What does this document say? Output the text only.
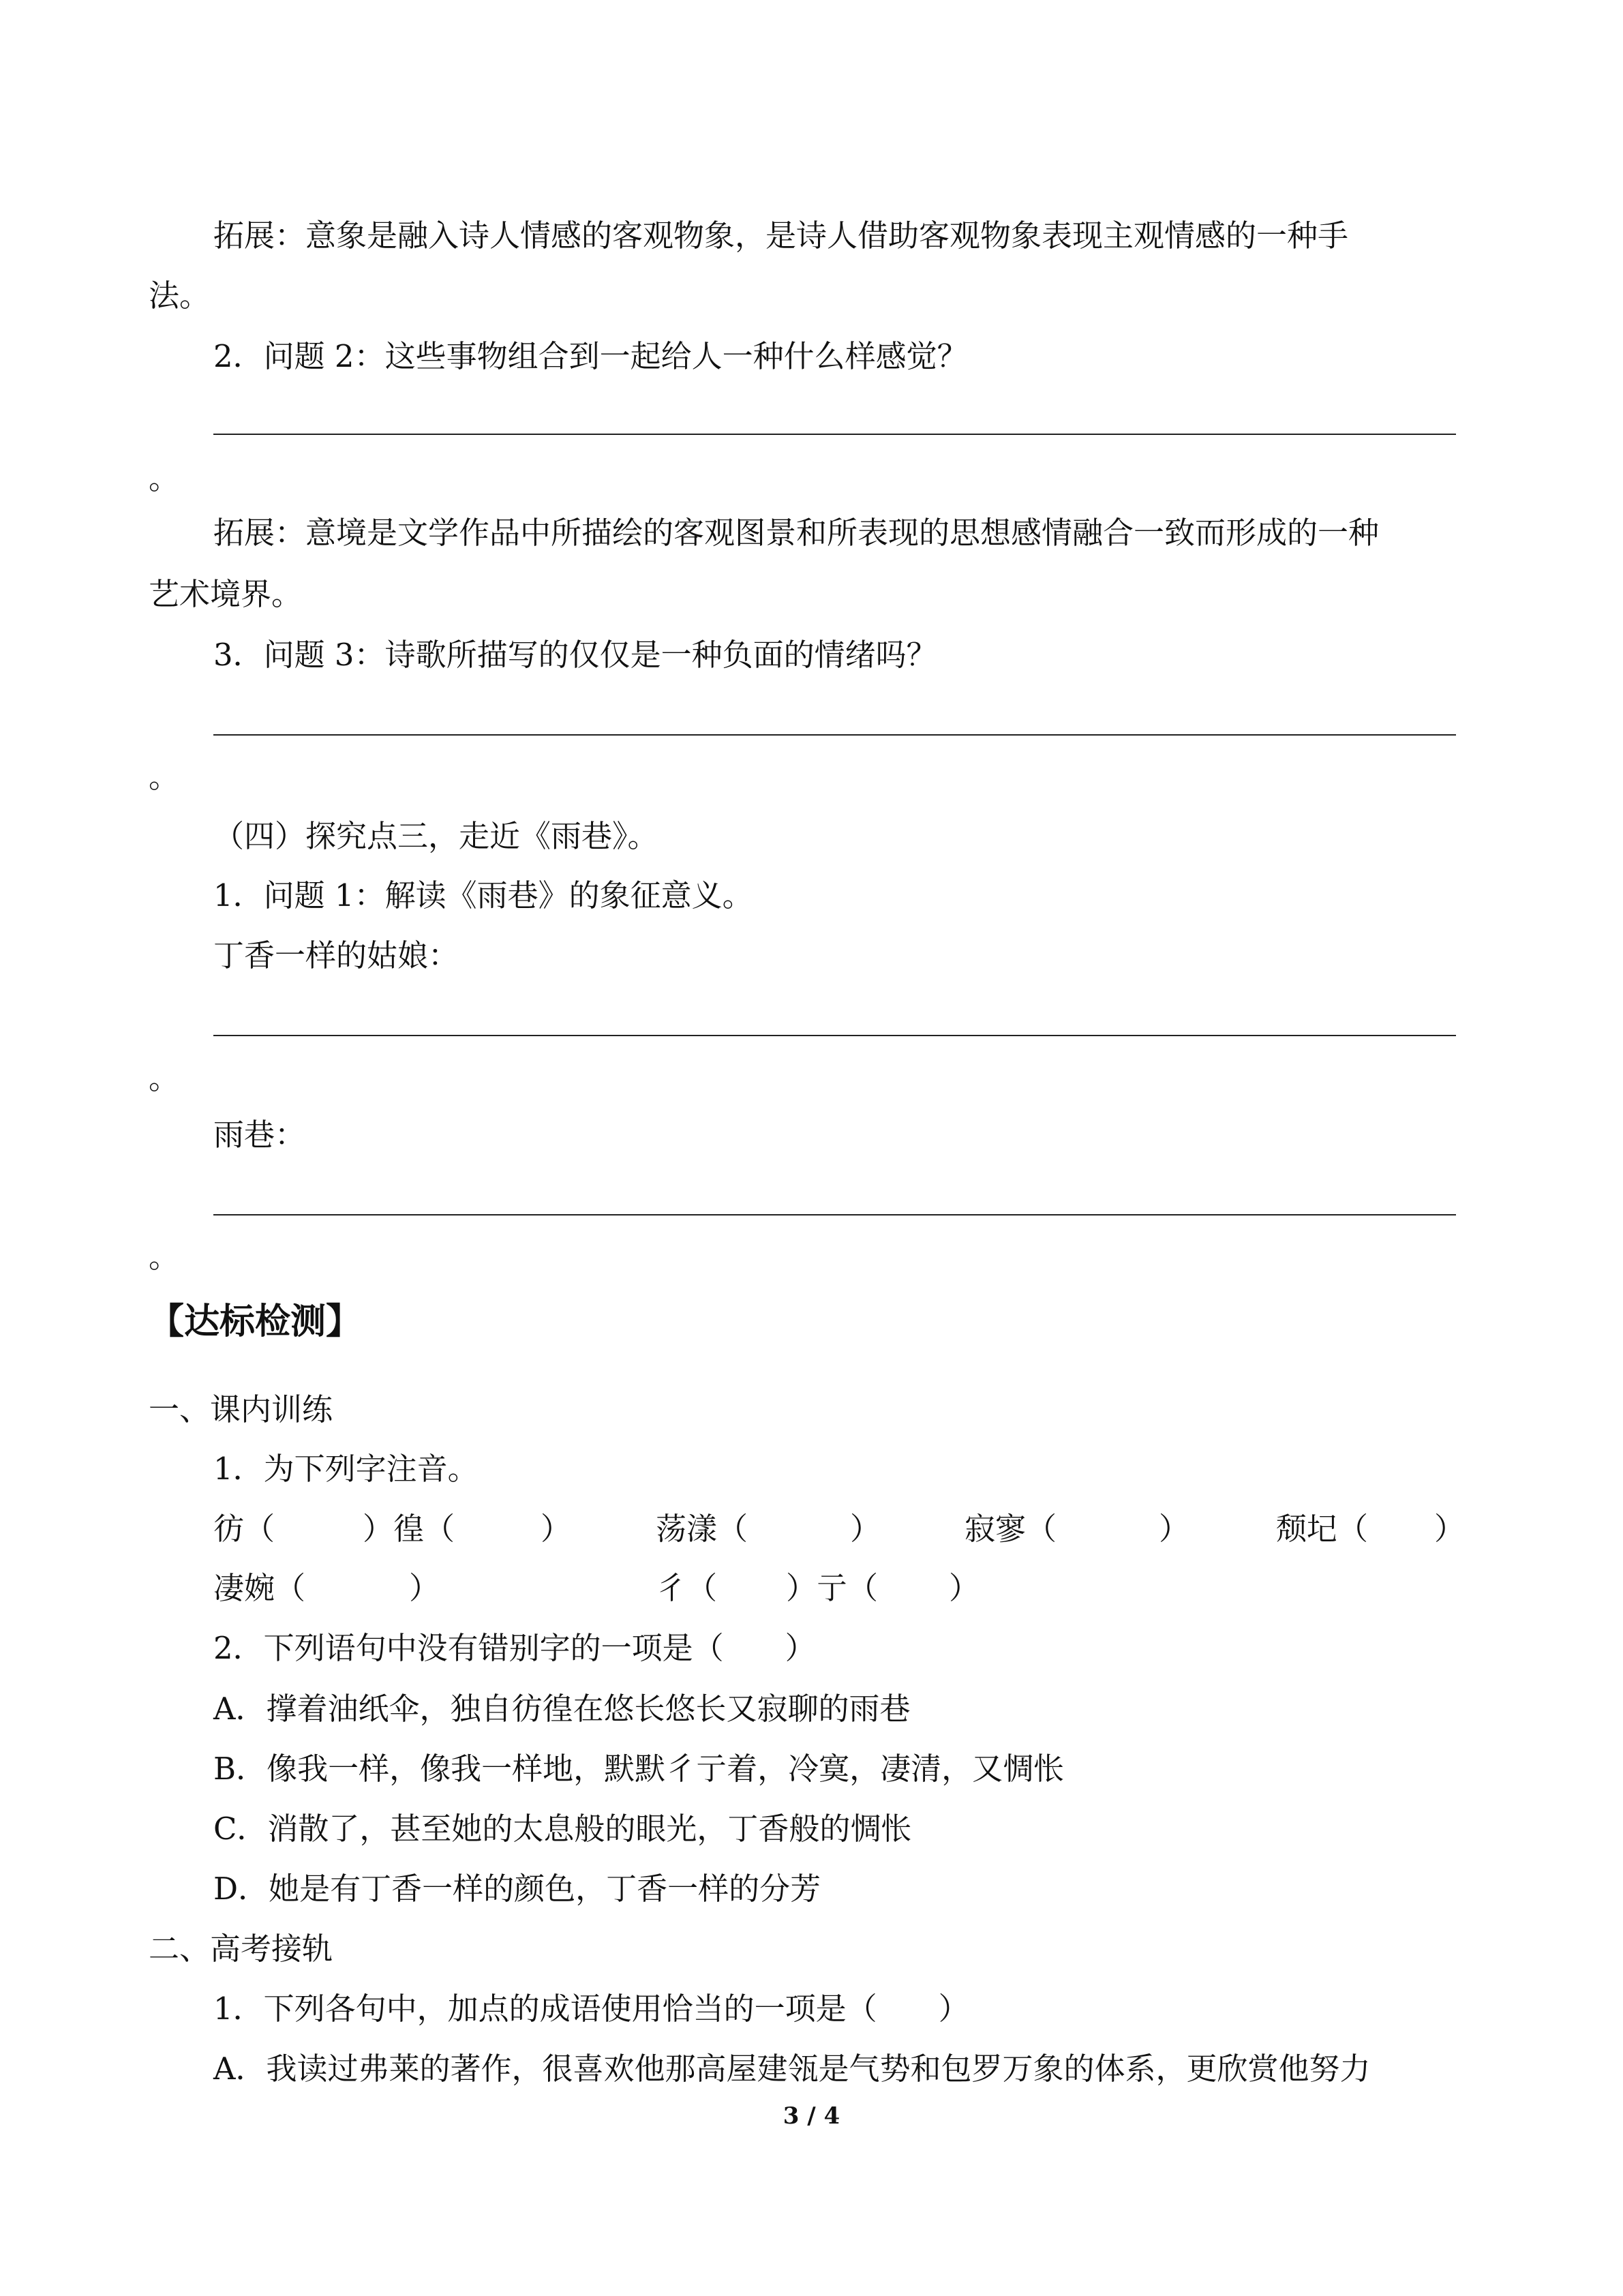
拓展：意象是融入诗人情感的客观物象，是诗人借助客观物象表现主观情感的一种手
法。
2．问题 2：这些事物组合到一起给人一种什么样感觉？
。
拓展：意境是文学作品中所描绘的客观图景和所表现的思想感情融合一致而形成的一种
艺术境界。
3．问题 3：诗歌所描写的仅仅是一种负面的情绪吗？
。
（四）探究点三，走近《雨巷》。
1．问题 1：解读《雨巷》的象征意义。
丁香一样的姑娘：
。
雨巷：
。
【达标检测】
一、课内训练
1．为下列字注音。
彷（	）徨（	）	荡漾（	）	寂寥（	）	颓圮（ ）
凄婉（	）	彳（ ）亍（ ）
2．下列语句中没有错别字的一项是（　　）
A．撑着油纸伞，独自彷徨在悠长悠长又寂聊的雨巷
B．像我一样，像我一样地，默默彳亍着，冷寞，凄清，又惆怅
C．消散了，甚至她的太息般的眼光，丁香般的惆怅
D．她是有丁香一样的颜色，丁香一样的分芳
二、高考接轨
1．下列各句中，加点的成语使用恰当的一项是（　　）
A．我读过弗莱的著作，很喜欢他那高屋建瓴是气势和包罗万象的体系，更欣赏他努力
3 / 4
